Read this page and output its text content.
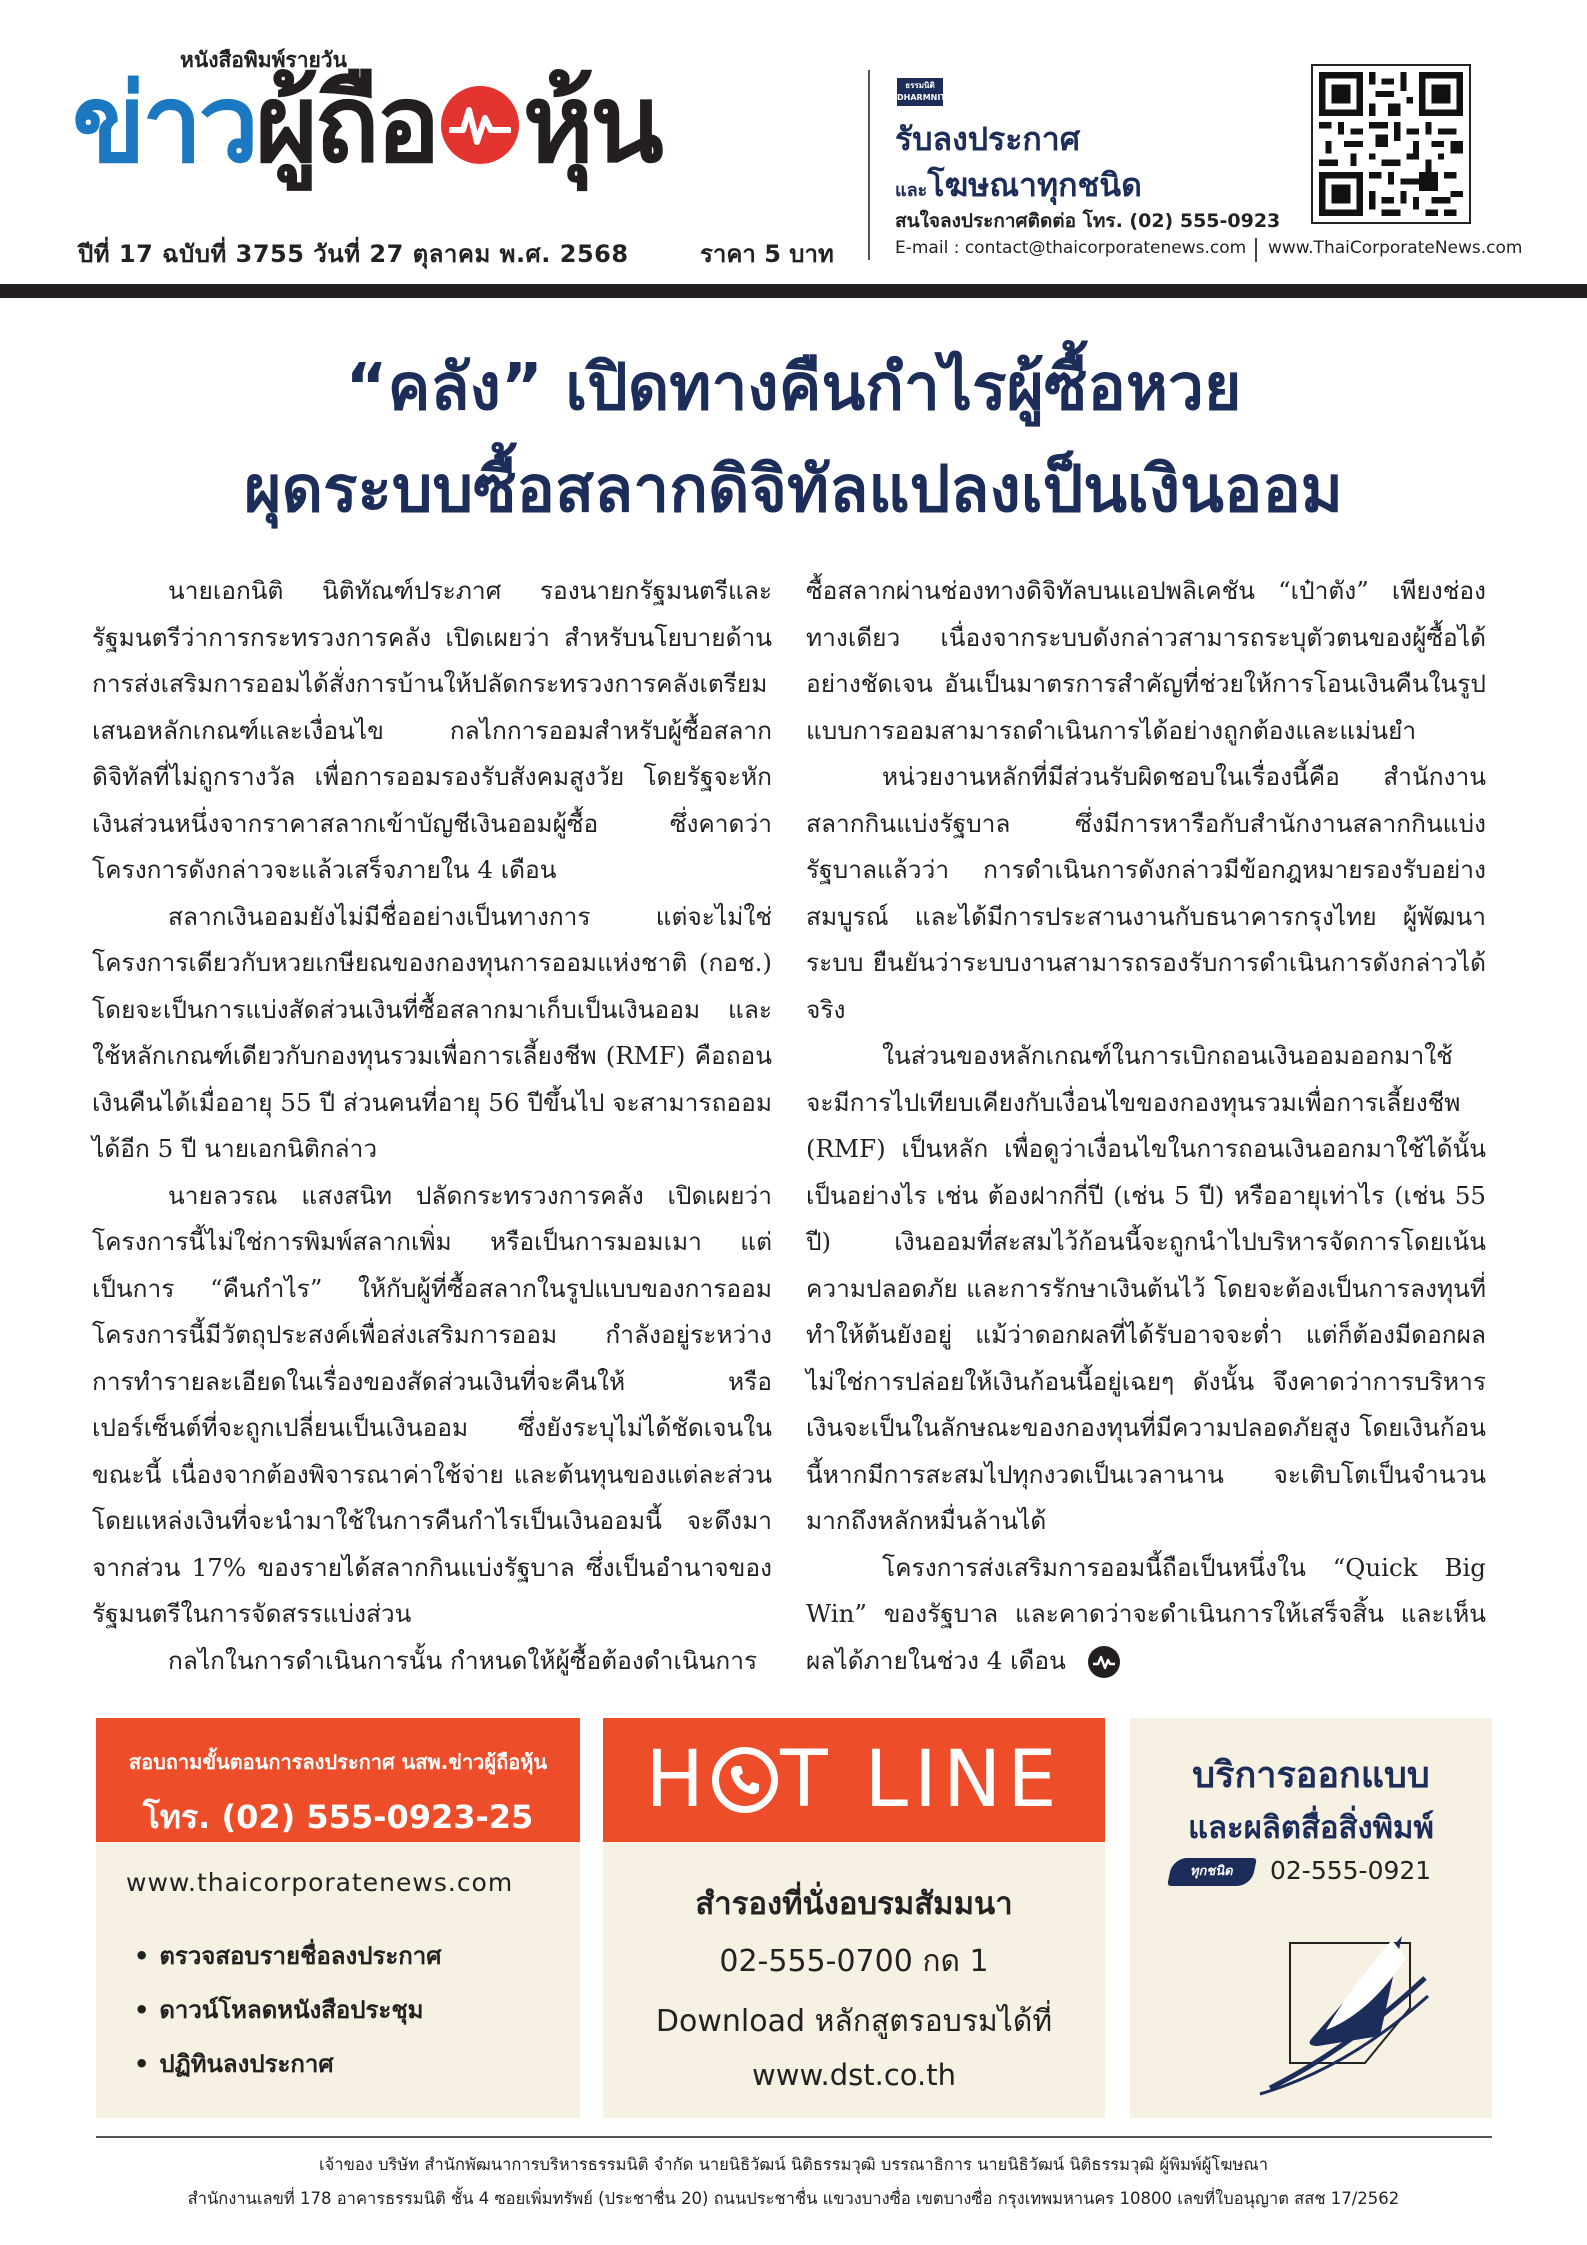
หนังสือพิมพ์รายวัน
ข่าว ผู้ถือ หุ้น
ปีที่ 17 ฉบับที่ 3755 วันที่ 27 ตุลาคม พ.ศ. 2568	ราคา 5 บาท
ธรรมนิติ DHARMNITI
รับลงประกาศ
และโฆษณาทุกชนิด
สนใจลงประกาศติดต่อ โทร. (02) 555-0923
E-mail : contact@thaicorporatenews.com www.ThaiCorporateNews.com
“คลัง” เปิดทางคืนกำไรผู้ซื้อหวย
ผุดระบบซื้อสลากดิจิทัลแปลงเป็นเงินออม

นายเอกนิติ นิติทัณฑ์ประภาศ รองนายกรัฐมนตรีและรัฐมนตรีว่าการกระทรวงการคลัง เปิดเผยว่า สำหรับนโยบายด้านการส่งเสริมการออมได้สั่งการบ้านให้ปลัดกระทรวงการคลังเตรียมเสนอหลักเกณฑ์และเงื่อนไข กลไกการออมสำหรับผู้ซื้อสลากดิจิทัลที่ไม่ถูกรางวัล เพื่อการออมรองรับสังคมสูงวัย โดยรัฐจะหักเงินส่วนหนึ่งจากราคาสลากเข้าบัญชีเงินออมผู้ซื้อ ซึ่งคาดว่าโครงการดังกล่าวจะแล้วเสร็จภายใน 4 เดือน

สลากเงินออมยังไม่มีชื่ออย่างเป็นทางการ แต่จะไม่ใช่โครงการเดียวกับหวยเกษียณของกองทุนการออมแห่งชาติ (กอช.) โดยจะเป็นการแบ่งสัดส่วนเงินที่ซื้อสลากมาเก็บเป็นเงินออม และใช้หลักเกณฑ์เดียวกับกองทุนรวมเพื่อการเลี้ยงชีพ (RMF) คือถอนเงินคืนได้เมื่ออายุ 55 ปี ส่วนคนที่อายุ 56 ปีขึ้นไป จะสามารถออมได้อีก 5 ปี นายเอกนิติกล่าว

นายลวรณ แสงสนิท ปลัดกระทรวงการคลัง เปิดเผยว่า โครงการนี้ไม่ใช่การพิมพ์สลากเพิ่ม หรือเป็นการมอมเมา แต่เป็นการ “คืนกำไร” ให้กับผู้ที่ซื้อสลากในรูปแบบของการออม โครงการนี้มีวัตถุประสงค์เพื่อส่งเสริมการออม กำลังอยู่ระหว่างการทำรายละเอียดในเรื่องของสัดส่วนเงินที่จะคืนให้ หรือเปอร์เซ็นต์ที่จะถูกเปลี่ยนเป็นเงินออม ซึ่งยังระบุไม่ได้ชัดเจนในขณะนี้ เนื่องจากต้องพิจารณาค่าใช้จ่าย และต้นทุนของแต่ละส่วน โดยแหล่งเงินที่จะนำมาใช้ในการคืนกำไรเป็นเงินออมนี้ จะดึงมาจากส่วน 17% ของรายได้สลากกินแบ่งรัฐบาล ซึ่งเป็นอำนาจของรัฐมนตรีในการจัดสรรแบ่งส่วน

กลไกในการดำเนินการนั้น กำหนดให้ผู้ซื้อต้องดำเนินการ

ซื้อสลากผ่านช่องทางดิจิทัลบนแอปพลิเคชัน “เป๋าตัง” เพียงช่องทางเดียว เนื่องจากระบบดังกล่าวสามารถระบุตัวตนของผู้ซื้อได้อย่างชัดเจน อันเป็นมาตรการสำคัญที่ช่วยให้การโอนเงินคืนในรูปแบบการออมสามารถดำเนินการได้อย่างถูกต้องและแม่นยำ

หน่วยงานหลักที่มีส่วนรับผิดชอบในเรื่องนี้คือ สำนักงานสลากกินแบ่งรัฐบาล ซึ่งมีการหารือกับสำนักงานสลากกินแบ่งรัฐบาลแล้วว่า การดำเนินการดังกล่าวมีข้อกฎหมายรองรับอย่างสมบูรณ์ และได้มีการประสานงานกับธนาคารกรุงไทย ผู้พัฒนาระบบ ยืนยันว่าระบบงานสามารถรองรับการดำเนินการดังกล่าวได้จริง

ในส่วนของหลักเกณฑ์ในการเบิกถอนเงินออมออกมาใช้ จะมีการไปเทียบเคียงกับเงื่อนไขของกองทุนรวมเพื่อการเลี้ยงชีพ (RMF) เป็นหลัก เพื่อดูว่าเงื่อนไขในการถอนเงินออกมาใช้ได้นั้นเป็นอย่างไร เช่น ต้องฝากกี่ปี (เช่น 5 ปี) หรืออายุเท่าไร (เช่น 55 ปี) เงินออมที่สะสมไว้ก้อนนี้จะถูกนำไปบริหารจัดการโดยเน้นความปลอดภัย และการรักษาเงินต้นไว้ โดยจะต้องเป็นการลงทุนที่ทำให้ต้นยังอยู่ แม้ว่าดอกผลที่ได้รับอาจจะต่ำ แต่ก็ต้องมีดอกผล ไม่ใช่การปล่อยให้เงินก้อนนี้อยู่เฉยๆ ดังนั้น จึงคาดว่าการบริหารเงินจะเป็นในลักษณะของกองทุนที่มีความปลอดภัยสูง โดยเงินก้อนนี้หากมีการสะสมไปทุกงวดเป็นเวลานาน จะเติบโตเป็นจำนวนมากถึงหลักหมื่นล้านได้

โครงการส่งเสริมการออมนี้ถือเป็นหนึ่งใน “Quick Big Win” ของรัฐบาล และคาดว่าจะดำเนินการให้เสร็จสิ้น และเห็นผลได้ภายในช่วง 4 เดือน

สอบถามขั้นตอนการลงประกาศ นสพ.ข่าวผู้ถือหุ้น
โทร. (02) 555-0923-25
www.thaicorporatenews.com
• ตรวจสอบรายชื่อลงประกาศ
• ดาวน์โหลดหนังสือประชุม
• ปฏิทินลงประกาศ
H T LINE
สำรองที่นั่งอบรมสัมมนา
02-555-0700 กด 1
Download หลักสูตรอบรมได้ที่
www.dst.co.th
บริการออกแบบ
และผลิตสื่อสิ่งพิมพ์
ทุกชนิด	02-555-0921
เจ้าของ บริษัท สำนักพัฒนาการบริหารธรรมนิติ จำกัด นายนิธิวัฒน์ นิติธรรมวุฒิ บรรณาธิการ นายนิธิวัฒน์ นิติธรรมวุฒิ ผู้พิมพ์ผู้โฆษณา
สำนักงานเลขที่ 178 อาคารธรรมนิติ ชั้น 4 ซอยเพิ่มทรัพย์ (ประชาชื่น 20) ถนนประชาชื่น แขวงบางซื่อ เขตบางซื่อ กรุงเทพมหานคร 10800 เลขที่ใบอนุญาต สสช 17/2562
